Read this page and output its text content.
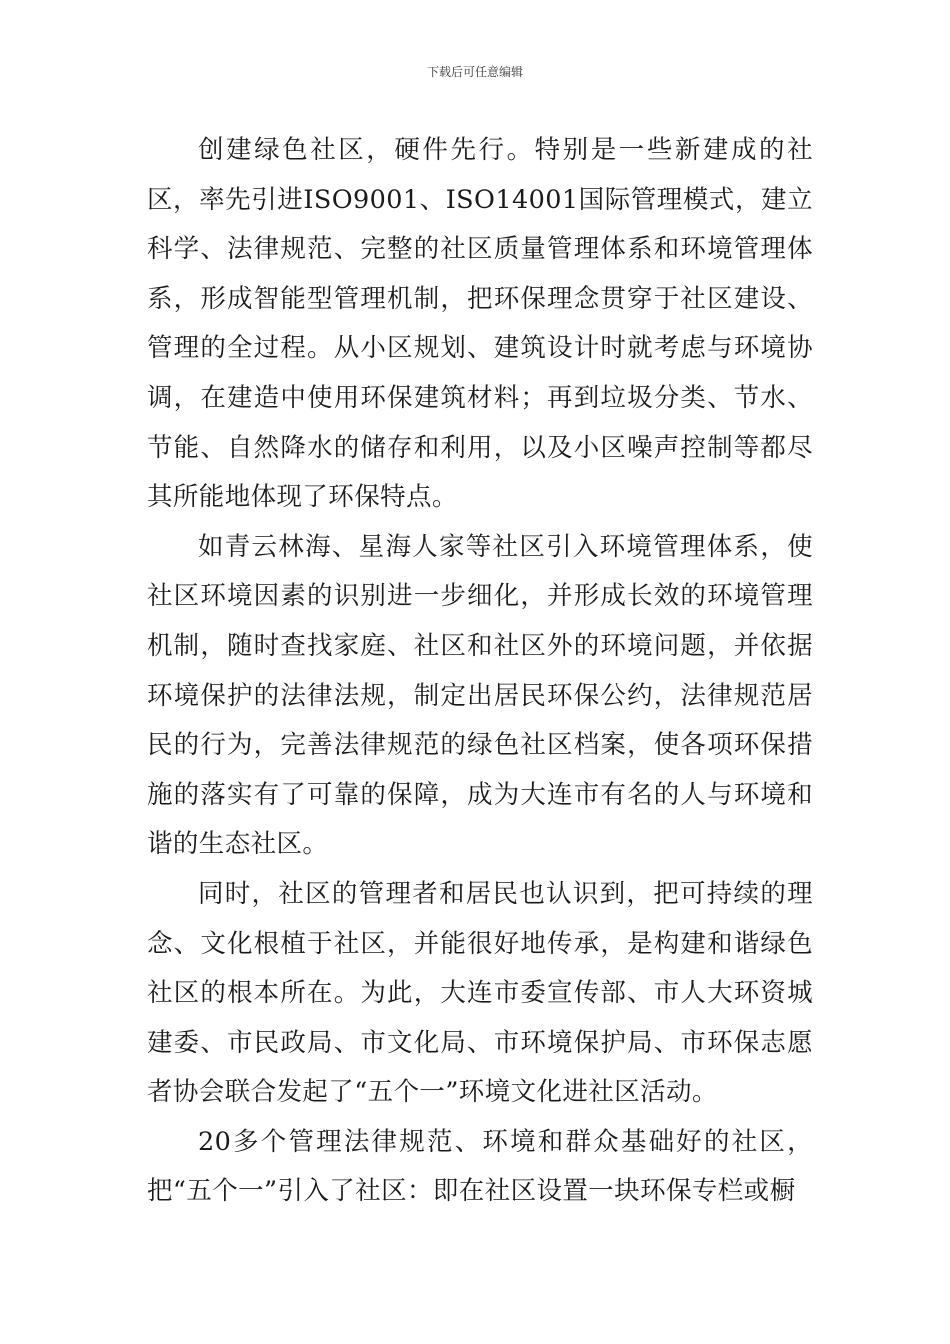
下载后可任意编辑

创建绿色社区，硬件先行。特别是一些新建成的社区，率先引进ISO9001、ISO14001国际管理模式，建立科学、法律规范、完整的社区质量管理体系和环境管理体系，形成智能型管理机制，把环保理念贯穿于社区建设、管理的全过程。从小区规划、建筑设计时就考虑与环境协调，在建造中使用环保建筑材料；再到垃圾分类、节水、节能、自然降水的储存和利用，以及小区噪声控制等都尽其所能地体现了环保特点。

如青云林海、星海人家等社区引入环境管理体系，使社区环境因素的识别进一步细化，并形成长效的环境管理机制，随时查找家庭、社区和社区外的环境问题，并依据环境保护的法律法规，制定出居民环保公约，法律规范居民的行为，完善法律规范的绿色社区档案，使各项环保措施的落实有了可靠的保障，成为大连市有名的人与环境和谐的生态社区。

同时，社区的管理者和居民也认识到，把可持续的理念、文化根植于社区，并能很好地传承，是构建和谐绿色社区的根本所在。为此，大连市委宣传部、市人大环资城建委、市民政局、市文化局、市环境保护局、市环保志愿者协会联合发起了“五个一”环境文化进社区活动。

20多个管理法律规范、环境和群众基础好的社区，把“五个一”引入了社区：即在社区设置一块环保专栏或橱
